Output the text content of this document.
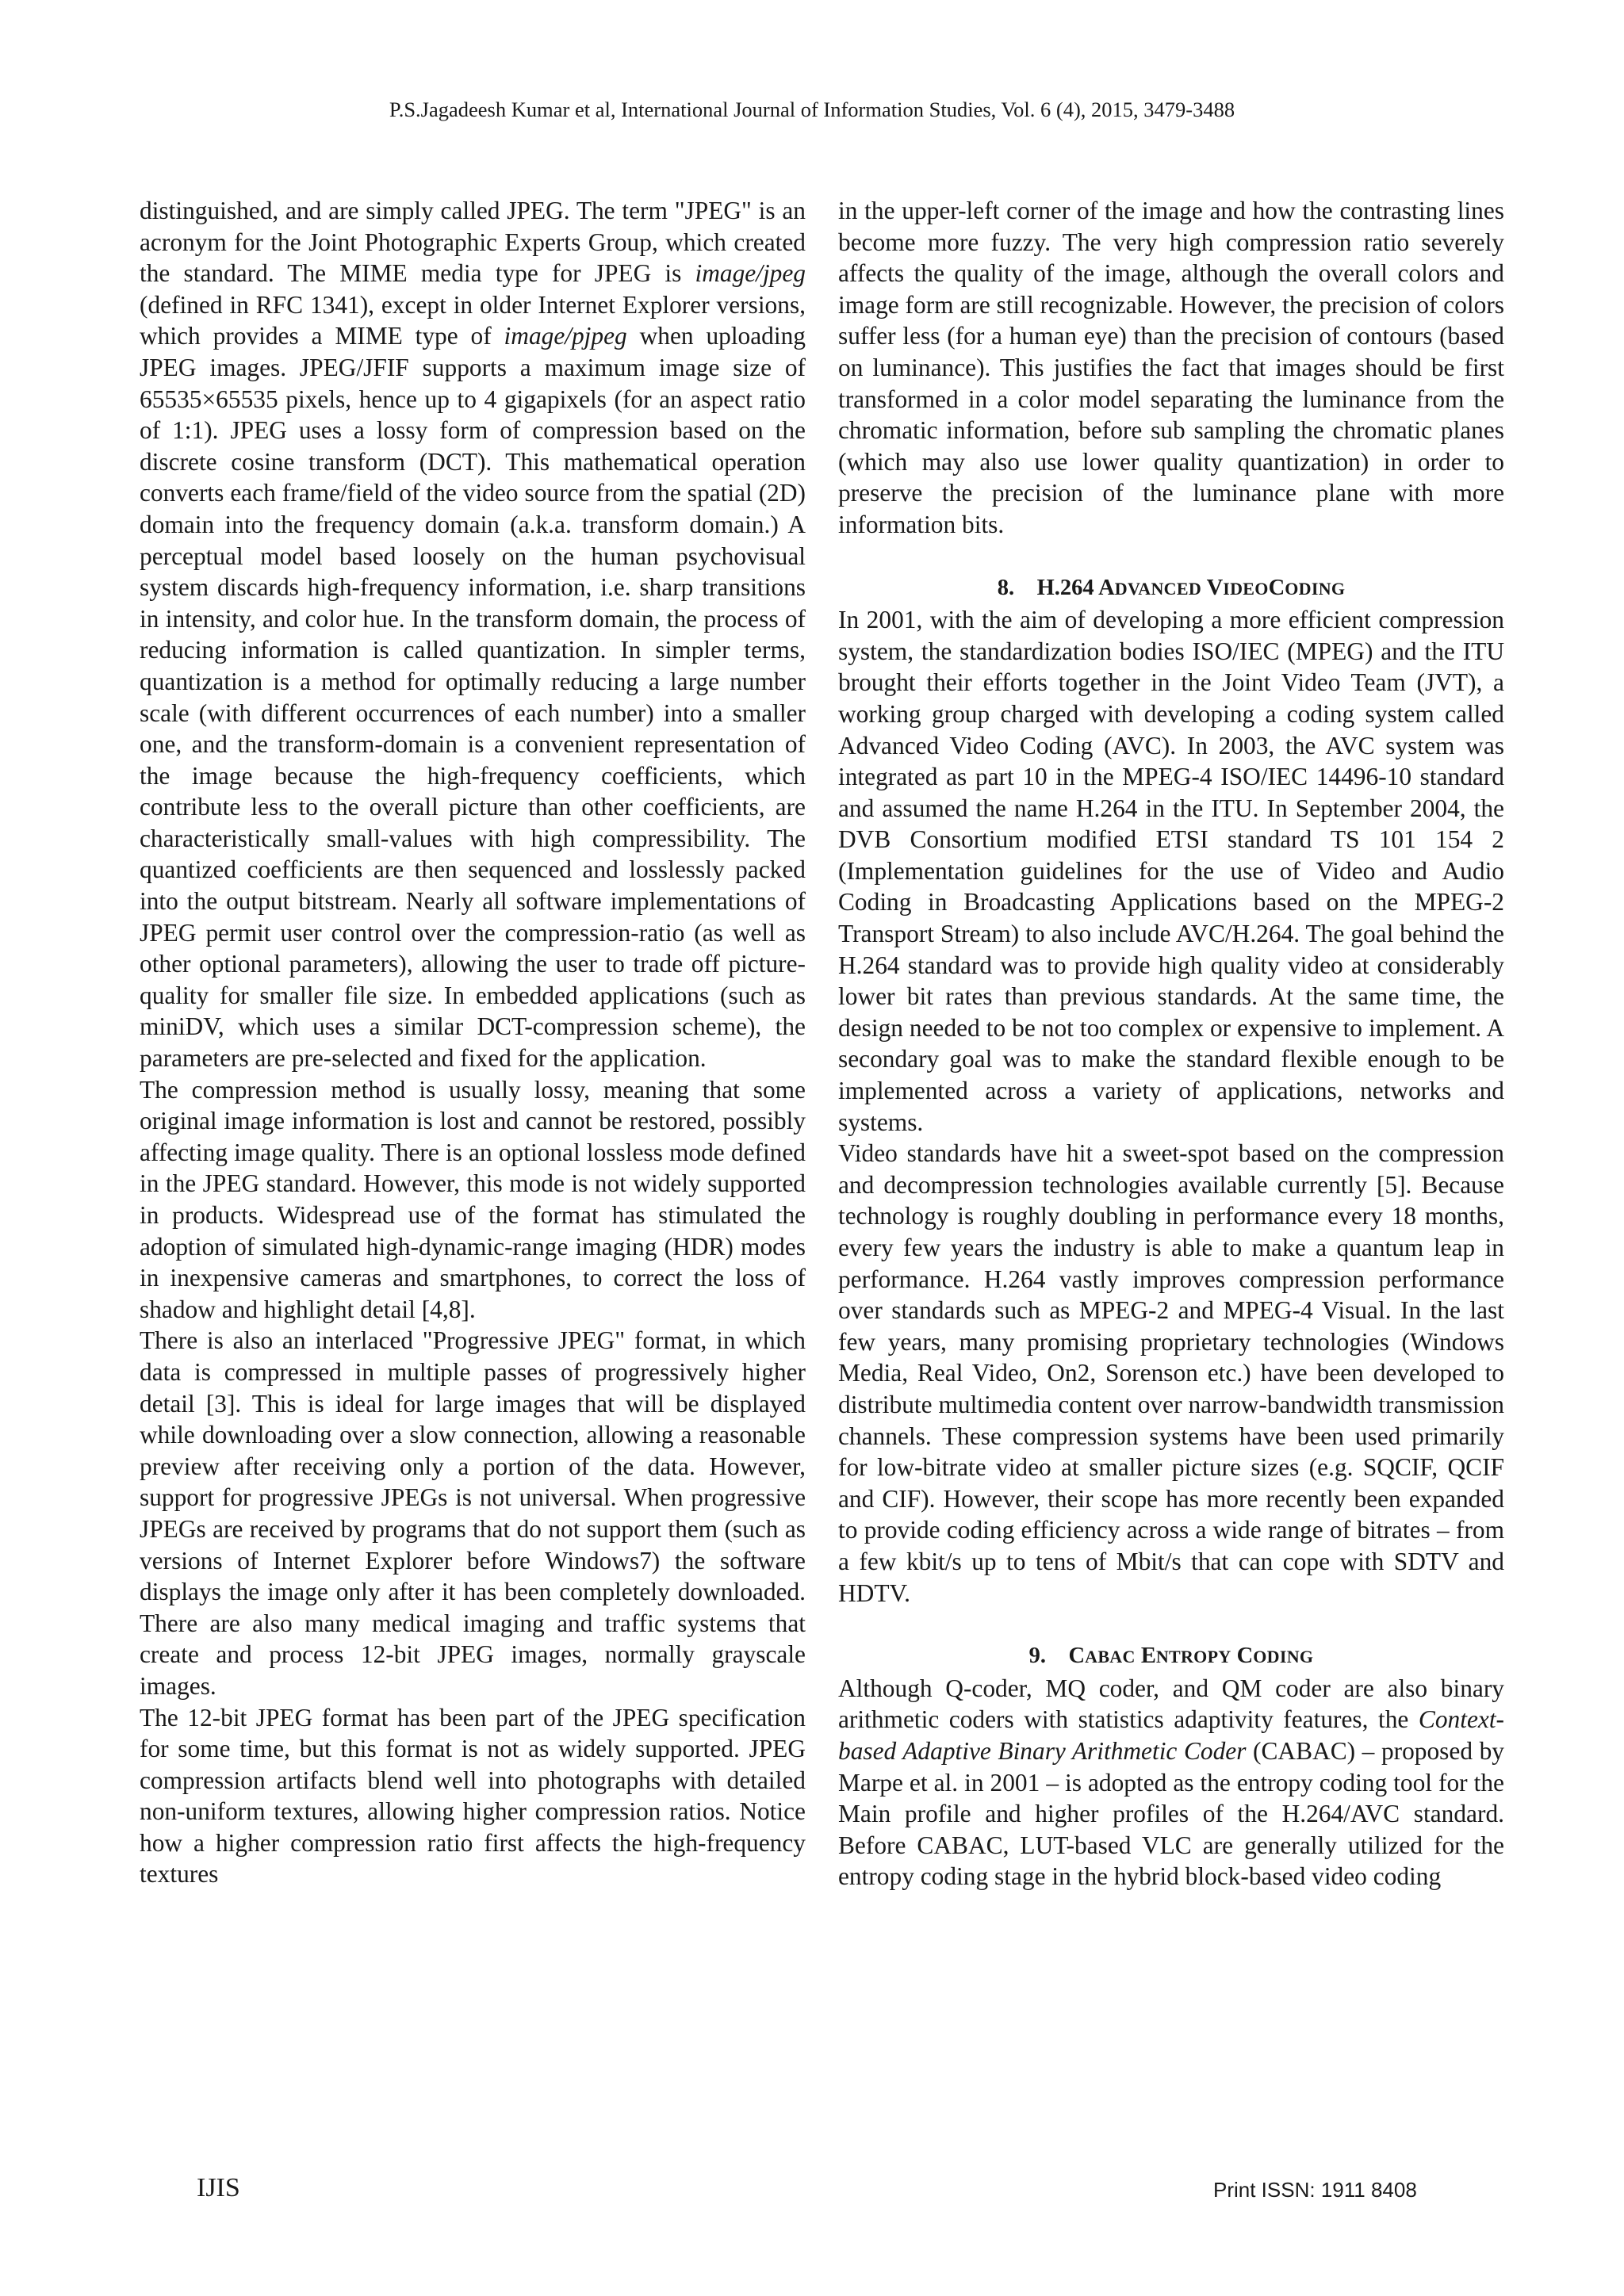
P.S.Jagadeesh Kumar et al, International Journal of Information Studies, Vol. 6 (4), 2015, 3479-3488

distinguished, and are simply called JPEG. The term "JPEG" is an acronym for the Joint Photographic Experts Group, which created the standard. The MIME media type for JPEG is image/jpeg (defined in RFC 1341), except in older Internet Explorer versions, which provides a MIME type of image/pjpeg when uploading JPEG images. JPEG/JFIF supports a maximum image size of 65535×65535 pixels, hence up to 4 gigapixels (for an aspect ratio of 1:1). JPEG uses a lossy form of compression based on the discrete cosine transform (DCT). This mathematical operation converts each frame/field of the video source from the spatial (2D) domain into the frequency domain (a.k.a. transform domain.) A perceptual model based loosely on the human psychovisual system discards high-frequency information, i.e. sharp transitions in intensity, and color hue. In the transform domain, the process of reducing information is called quantization. In simpler terms, quantization is a method for optimally reducing a large number scale (with different occurrences of each number) into a smaller one, and the transform-domain is a convenient representation of the image because the high-frequency coefficients, which contribute less to the overall picture than other coefficients, are characteristically small-values with high compressibility. The quantized coefficients are then sequenced and losslessly packed into the output bitstream. Nearly all software implementations of JPEG permit user control over the compression-ratio (as well as other optional parameters), allowing the user to trade off picture-quality for smaller file size. In embedded applications (such as miniDV, which uses a similar DCT-compression scheme), the parameters are pre-selected and fixed for the application.

The compression method is usually lossy, meaning that some original image information is lost and cannot be restored, possibly affecting image quality. There is an optional lossless mode defined in the JPEG standard. However, this mode is not widely supported in products. Widespread use of the format has stimulated the adoption of simulated high-dynamic-range imaging (HDR) modes in inexpensive cameras and smartphones, to correct the loss of shadow and highlight detail [4,8].

There is also an interlaced "Progressive JPEG" format, in which data is compressed in multiple passes of progressively higher detail [3]. This is ideal for large images that will be displayed while downloading over a slow connection, allowing a reasonable preview after receiving only a portion of the data. However, support for progressive JPEGs is not universal. When progressive JPEGs are received by programs that do not support them (such as versions of Internet Explorer before Windows7) the software displays the image only after it has been completely downloaded. There are also many medical imaging and traffic systems that create and process 12-bit JPEG images, normally grayscale images.

The 12-bit JPEG format has been part of the JPEG specification for some time, but this format is not as widely supported. JPEG compression artifacts blend well into photographs with detailed non-uniform textures, allowing higher compression ratios. Notice how a higher compression ratio first affects the high-frequency textures

in the upper-left corner of the image and how the contrasting lines become more fuzzy. The very high compression ratio severely affects the quality of the image, although the overall colors and image form are still recognizable. However, the precision of colors suffer less (for a human eye) than the precision of contours (based on luminance). This justifies the fact that images should be first transformed in a color model separating the luminance from the chromatic information, before sub sampling the chromatic planes (which may also use lower quality quantization) in order to preserve the precision of the luminance plane with more information bits.

8. H.264 ADVANCED VIDEOCODING

In 2001, with the aim of developing a more efficient compression system, the standardization bodies ISO/IEC (MPEG) and the ITU brought their efforts together in the Joint Video Team (JVT), a working group charged with developing a coding system called Advanced Video Coding (AVC). In 2003, the AVC system was integrated as part 10 in the MPEG-4 ISO/IEC 14496-10 standard and assumed the name H.264 in the ITU. In September 2004, the DVB Consortium modified ETSI standard TS 101 154 2 (Implementation guidelines for the use of Video and Audio Coding in Broadcasting Applications based on the MPEG-2 Transport Stream) to also include AVC/H.264. The goal behind the H.264 standard was to provide high quality video at considerably lower bit rates than previous standards. At the same time, the design needed to be not too complex or expensive to implement. A secondary goal was to make the standard flexible enough to be implemented across a variety of applications, networks and systems.

Video standards have hit a sweet-spot based on the compression and decompression technologies available currently [5]. Because technology is roughly doubling in performance every 18 months, every few years the industry is able to make a quantum leap in performance. H.264 vastly improves compression performance over standards such as MPEG-2 and MPEG-4 Visual. In the last few years, many promising proprietary technologies (Windows Media, Real Video, On2, Sorenson etc.) have been developed to distribute multimedia content over narrow-bandwidth transmission channels. These compression systems have been used primarily for low-bitrate video at smaller picture sizes (e.g. SQCIF, QCIF and CIF). However, their scope has more recently been expanded to provide coding efficiency across a wide range of bitrates – from a few kbit/s up to tens of Mbit/s that can cope with SDTV and HDTV.

9. CABAC ENTROPY CODING

Although Q-coder, MQ coder, and QM coder are also binary arithmetic coders with statistics adaptivity features, the Context-based Adaptive Binary Arithmetic Coder (CABAC) – proposed by Marpe et al. in 2001 – is adopted as the entropy coding tool for the Main profile and higher profiles of the H.264/AVC standard. Before CABAC, LUT-based VLC are generally utilized for the entropy coding stage in the hybrid block-based video coding

IJIS	Print ISSN: 1911 8408
